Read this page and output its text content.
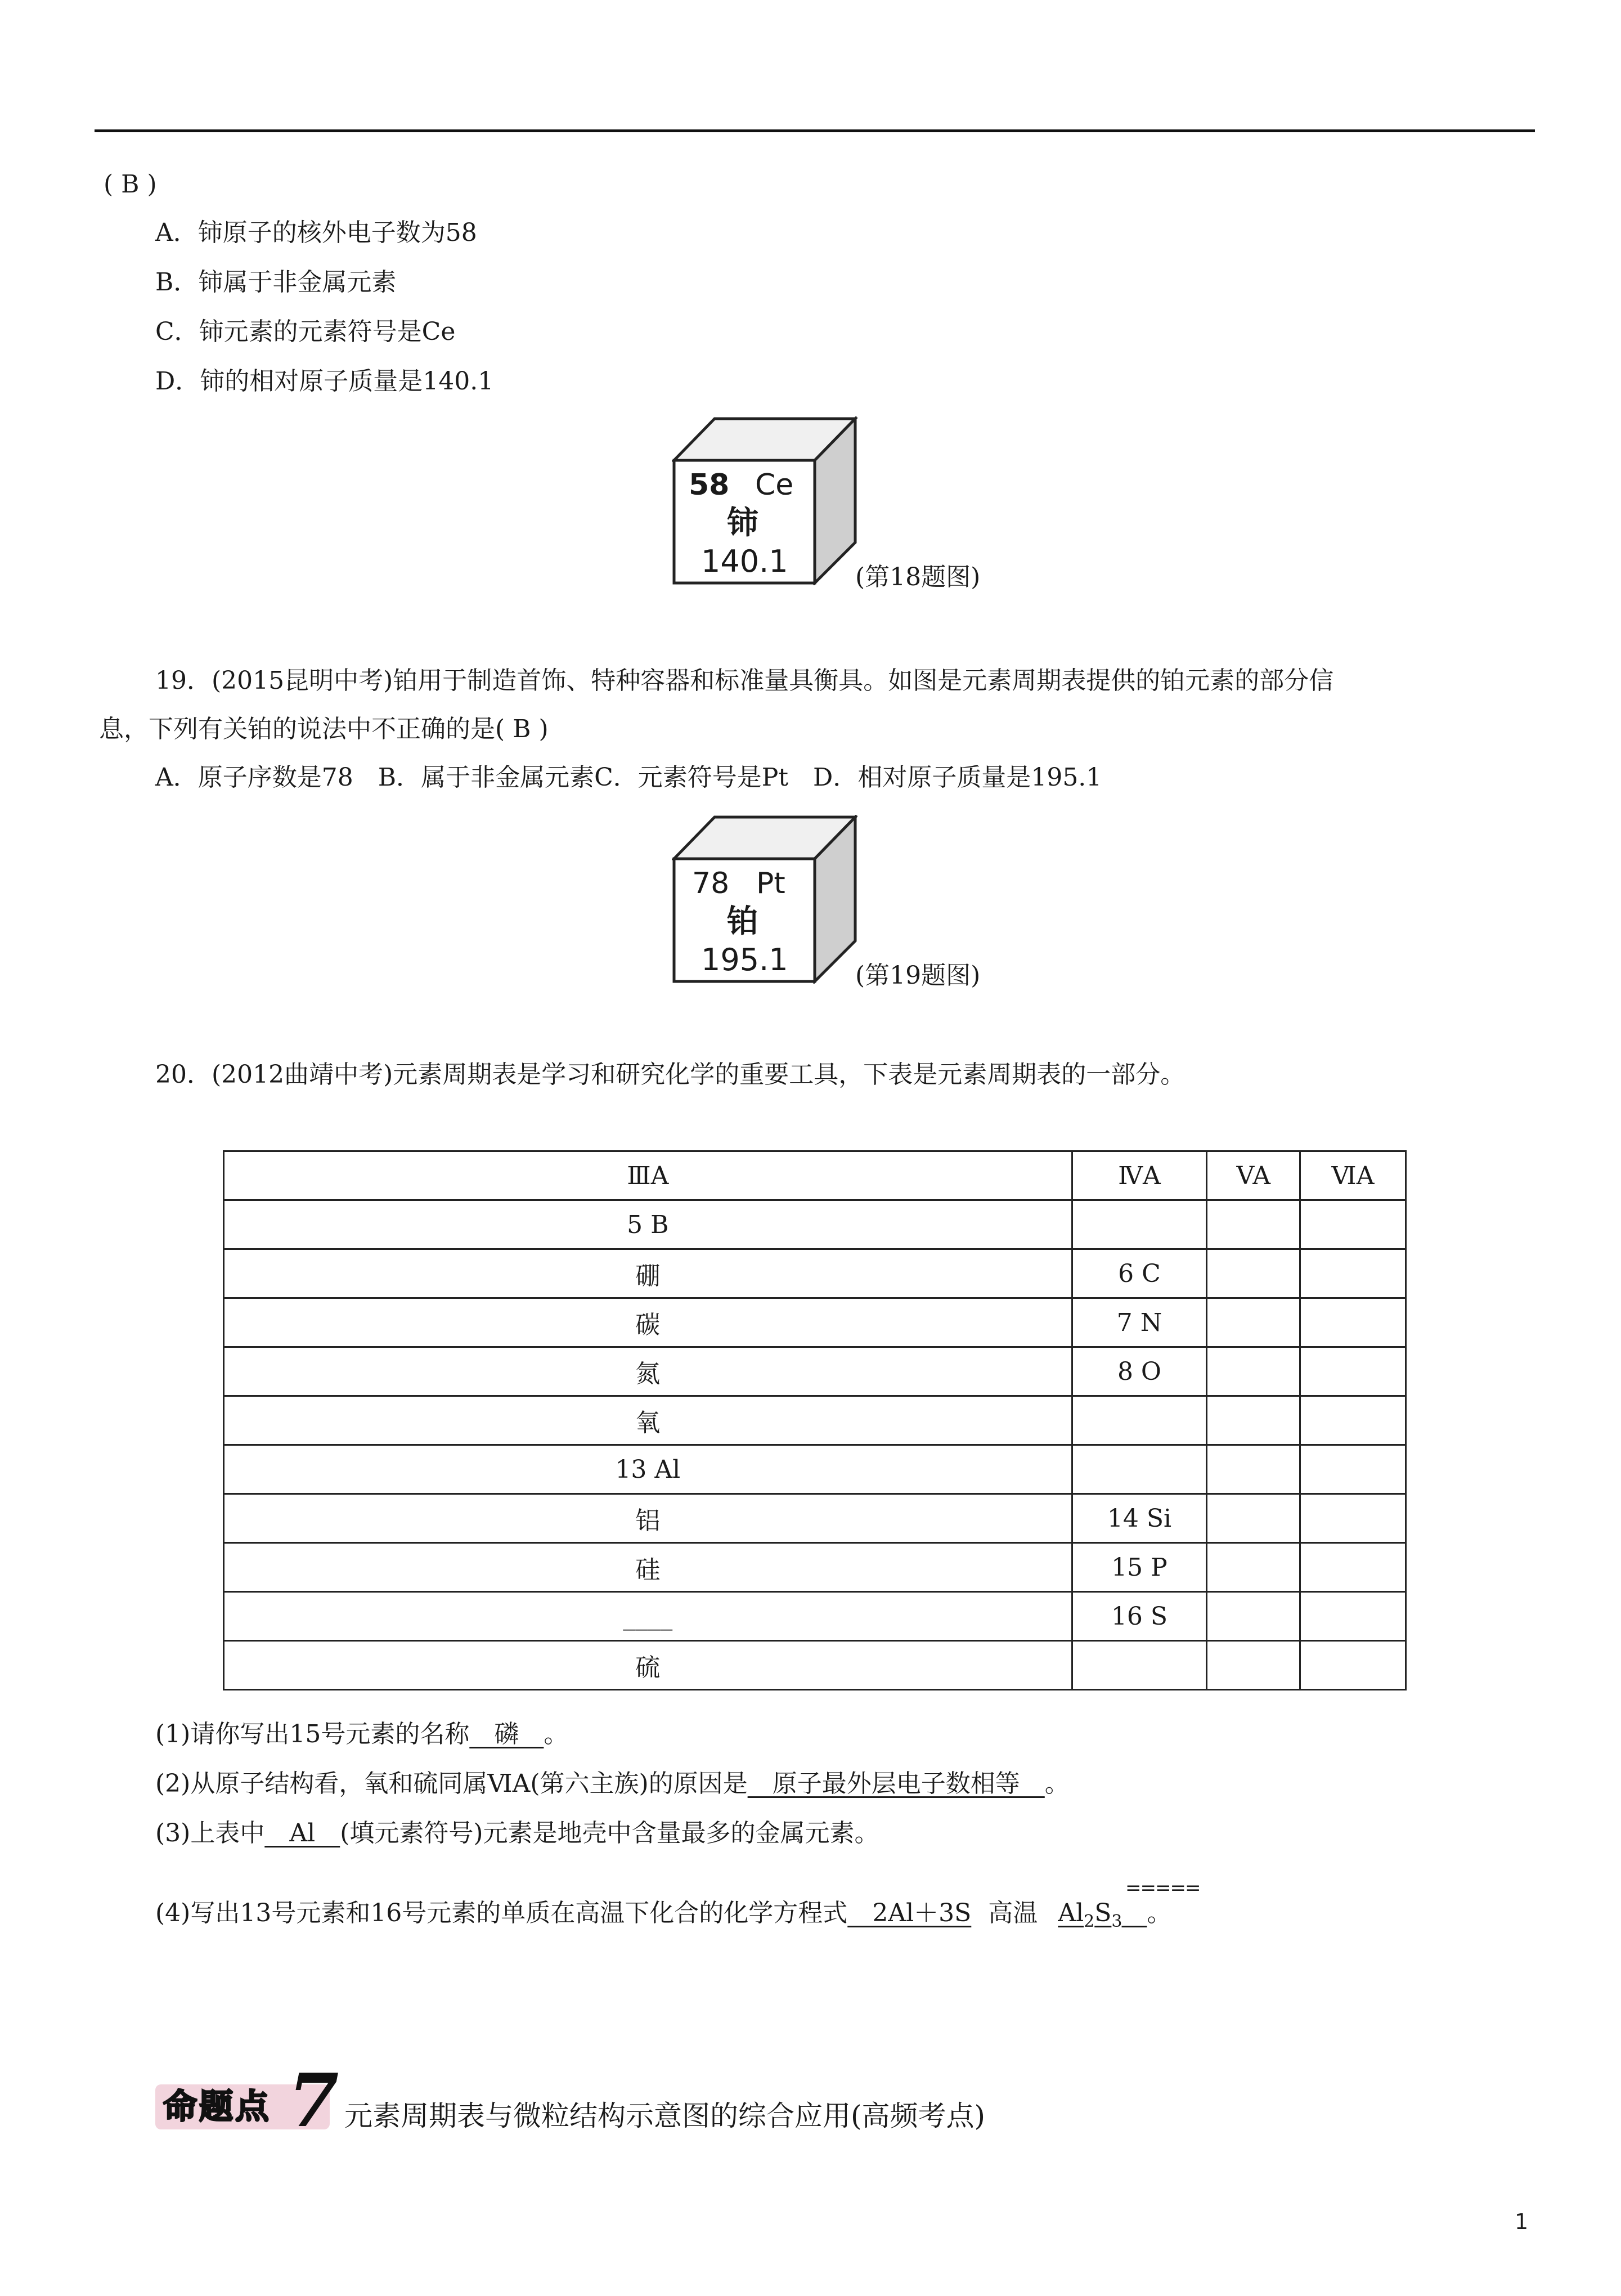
( B )
A．铈原子的核外电子数为58
B．铈属于非金属元素
C．铈元素的元素符号是Ce
D．铈的相对原子质量是140.1
58 Ce
铈
140.1	(第18题图)
19．(2015昆明中考)铂用于制造首饰、特种容器和标准量具衡具。如图是元素周期表提供的铂元素的部分信
息，下列有关铂的说法中不正确的是( B )
A．原子序数是78　B．属于非金属元素C．元素符号是Pt　D．相对原子质量是195.1
78 Pt
铂
195.1	(第19题图)
20．(2012曲靖中考)元素周期表是学习和研究化学的重要工具，下表是元素周期表的一部分。
ⅢA	ⅣA	VA	ⅥA
5 B			
硼	6 C		
碳	7 N		
氮	8 O		
氧			
13 Al			
铝	14 Si		
硅	15 P		
____	16 S		
硫			
(1)请你写出15号元素的名称__磷__。
(2)从原子结构看，氧和硫同属ⅥA(第六主族)的原因是__原子最外层电子数相等__。
(3)上表中__Al__(填元素符号)元素是地壳中含量最多的金属元素。
(4)写出13号元素和16号元素的单质在高温下化合的化学方程式__2Al＋3S 高温 $Al_2S_3\_\_$。
=====
命题点 7 元素周期表与微粒结构示意图的综合应用(高频考点)
1
